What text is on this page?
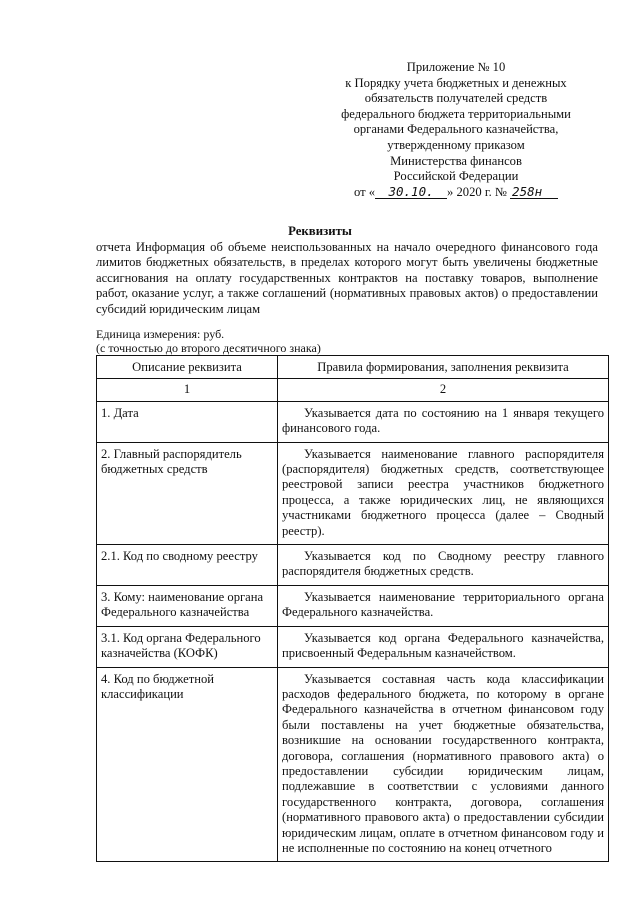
Приложение № 10
к Порядку учета бюджетных и денежных
обязательств получателей средств
федерального бюджета территориальными
органами Федерального казначейства,
утвержденному приказом
Министерства финансов
Российской Федерации
от « 30.10. » 2020 г. № 258н
Реквизиты
отчета Информация об объеме неиспользованных на начало очередного финансового года лимитов бюджетных обязательств, в пределах которого могут быть увеличены бюджетные ассигнования на оплату государственных контрактов на поставку товаров, выполнение работ, оказание услуг, а также соглашений (нормативных правовых актов) о предоставлении субсидий юридическим лицам
Единица измерения: руб.
(с точностью до второго десятичного знака)
Описание реквизита	Правила формирования, заполнения реквизита
1	2
1. Дата	Указывается дата по состоянию на 1 января текущего финансового года.
2. Главный распорядитель бюджетных средств	Указывается наименование главного распорядителя (распорядителя) бюджетных средств, соответствующее реестровой записи реестра участников бюджетного процесса, а также юридических лиц, не являющихся участниками бюджетного процесса (далее – Сводный реестр).
2.1. Код по сводному реестру	Указывается код по Сводному реестру главного распорядителя бюджетных средств.
3. Кому: наименование органа Федерального казначейства	Указывается наименование территориального органа Федерального казначейства.
3.1. Код органа Федерального казначейства (КОФК)	Указывается код органа Федерального казначейства, присвоенный Федеральным казначейством.
4. Код по бюджетной классификации	Указывается составная часть кода классификации расходов федерального бюджета, по которому в органе Федерального казначейства в отчетном финансовом году были поставлены на учет бюджетные обязательства, возникшие на основании государственного контракта, договора, соглашения (нормативного правового акта) о предоставлении субсидии юридическим лицам, подлежавшие в соответствии с условиями данного государственного контракта, договора, соглашения (нормативного правового акта) о предоставлении субсидии юридическим лицам, оплате в отчетном финансовом году и не исполненные по состоянию на конец отчетного
